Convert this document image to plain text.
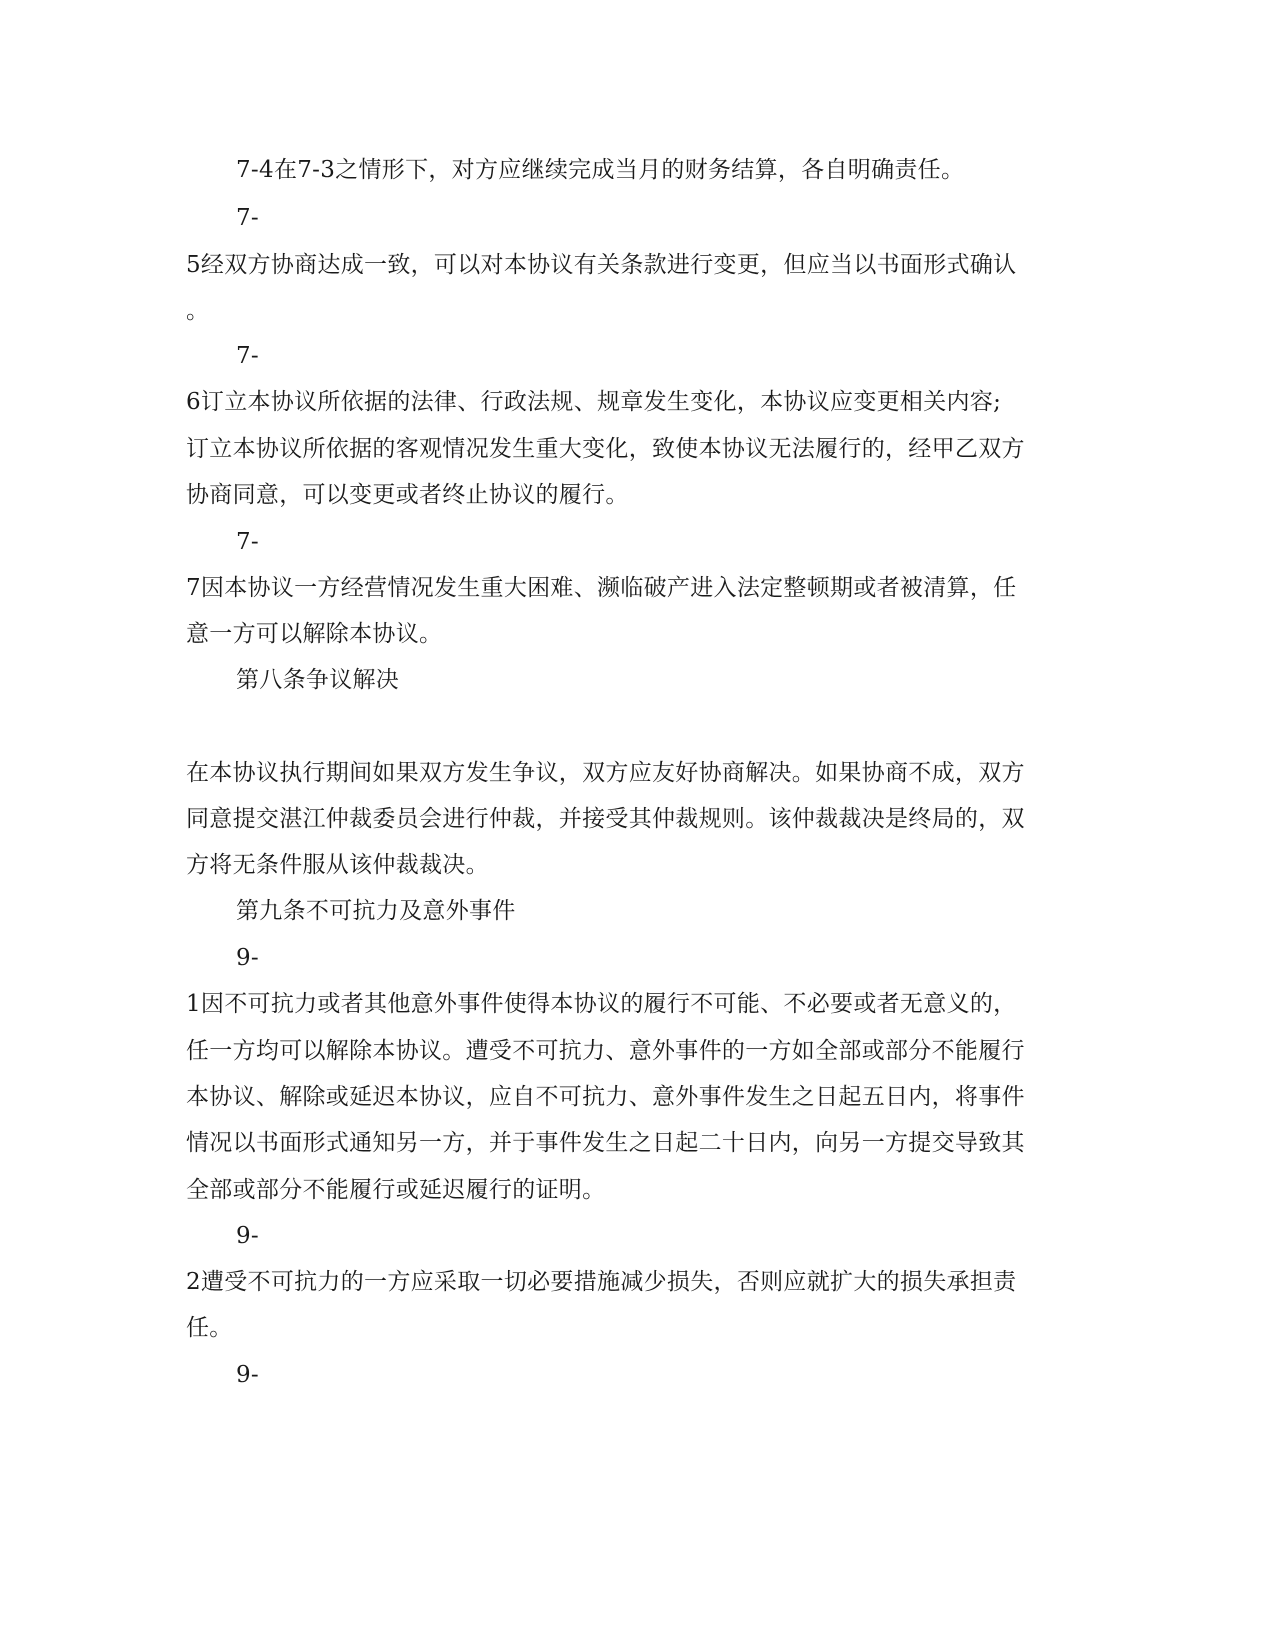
7-4在7-3之情形下，对方应继续完成当月的财务结算，各自明确责任。
7-
5经双方协商达成一致，可以对本协议有关条款进行变更，但应当以书面形式确认
。
7-
6订立本协议所依据的法律、行政法规、规章发生变化，本协议应变更相关内容;
订立本协议所依据的客观情况发生重大变化，致使本协议无法履行的，经甲乙双方
协商同意，可以变更或者终止协议的履行。
7-
7因本协议一方经营情况发生重大困难、濒临破产进入法定整顿期或者被清算，任
意一方可以解除本协议。
第八条争议解决
在本协议执行期间如果双方发生争议，双方应友好协商解决。如果协商不成，双方
同意提交湛江仲裁委员会进行仲裁，并接受其仲裁规则。该仲裁裁决是终局的，双
方将无条件服从该仲裁裁决。
第九条不可抗力及意外事件
9-
1因不可抗力或者其他意外事件使得本协议的履行不可能、不必要或者无意义的，
任一方均可以解除本协议。遭受不可抗力、意外事件的一方如全部或部分不能履行
本协议、解除或延迟本协议，应自不可抗力、意外事件发生之日起五日内，将事件
情况以书面形式通知另一方，并于事件发生之日起二十日内，向另一方提交导致其
全部或部分不能履行或延迟履行的证明。
9-
2遭受不可抗力的一方应采取一切必要措施减少损失，否则应就扩大的损失承担责
任。
9-
